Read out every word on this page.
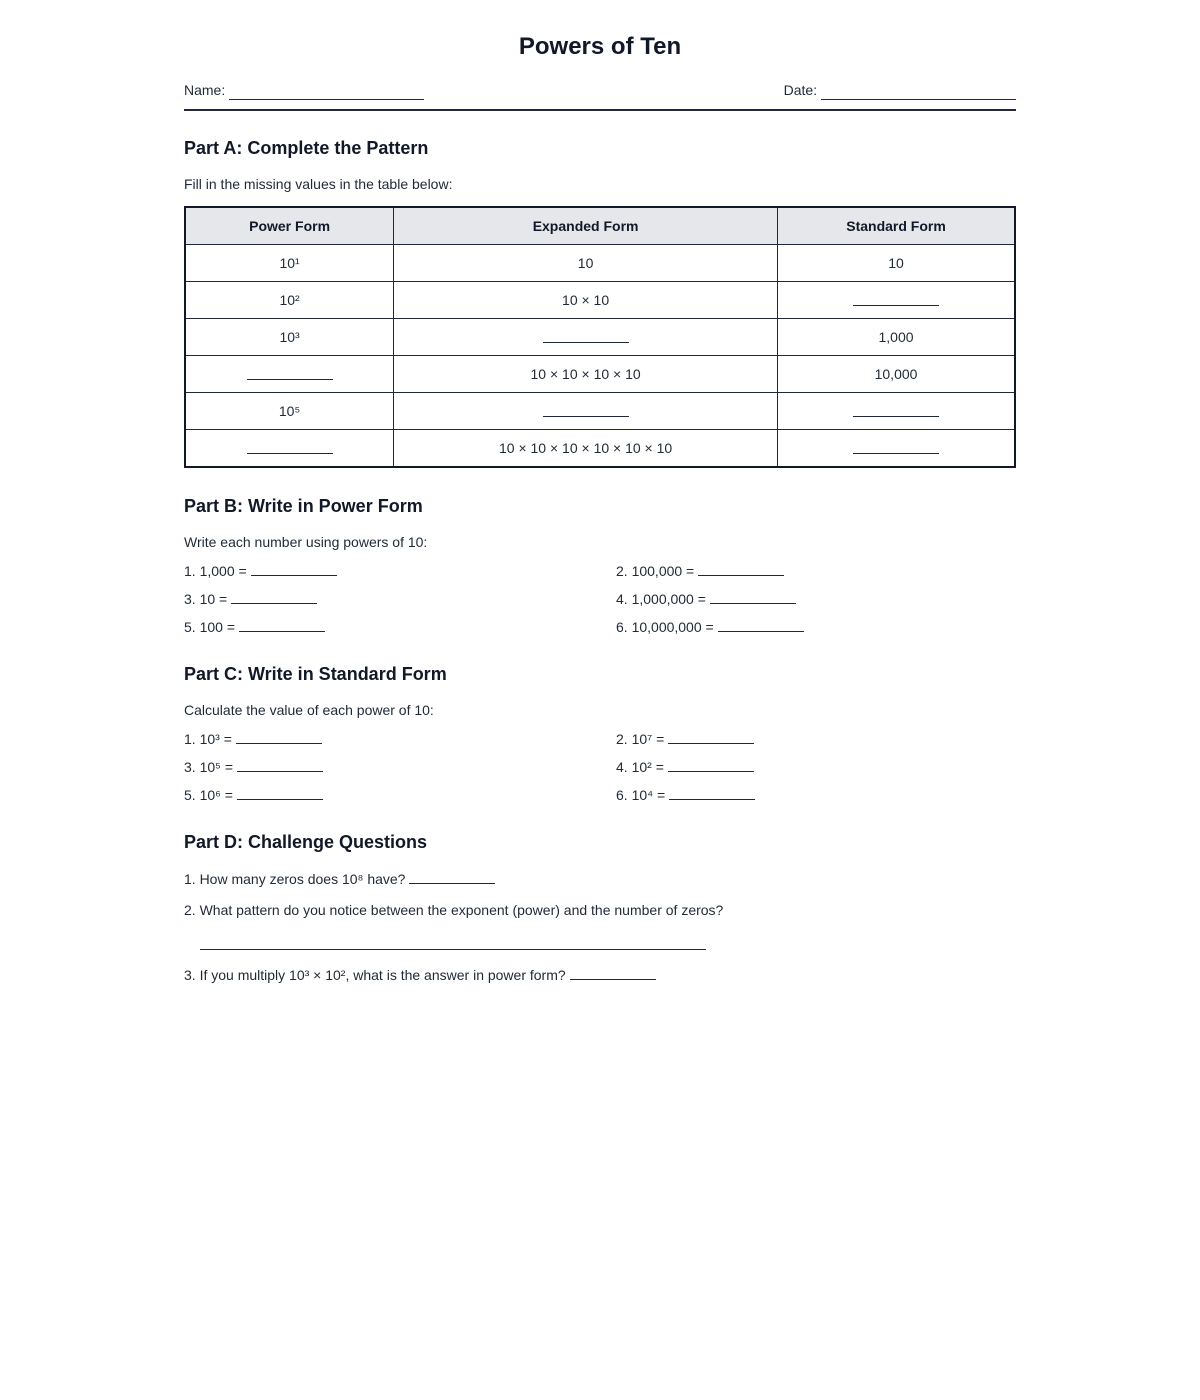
Powers of Ten
Name:	Date:
Part A: Complete the Pattern
Fill in the missing values in the table below:
Power Form	Expanded Form	Standard Form
10¹	10	10
10²	10 × 10	
10³		1,000
	10 × 10 × 10 × 10	10,000
10⁵		
	10 × 10 × 10 × 10 × 10 × 10	
Part B: Write in Power Form
Write each number using powers of 10:
1. 1,000 =	2. 100,000 =
3. 10 =	4. 1,000,000 =
5. 100 =	6. 10,000,000 =
Part C: Write in Standard Form
Calculate the value of each power of 10:
1. 10³ =	2. 10⁷ =
3. 10⁵ =	4. 10² =
5. 10⁶ =	6. 10⁴ =
Part D: Challenge Questions
1. How many zeros does 10⁸ have?
2. What pattern do you notice between the exponent (power) and the number of zeros?
3. If you multiply 10³ × 10², what is the answer in power form?
